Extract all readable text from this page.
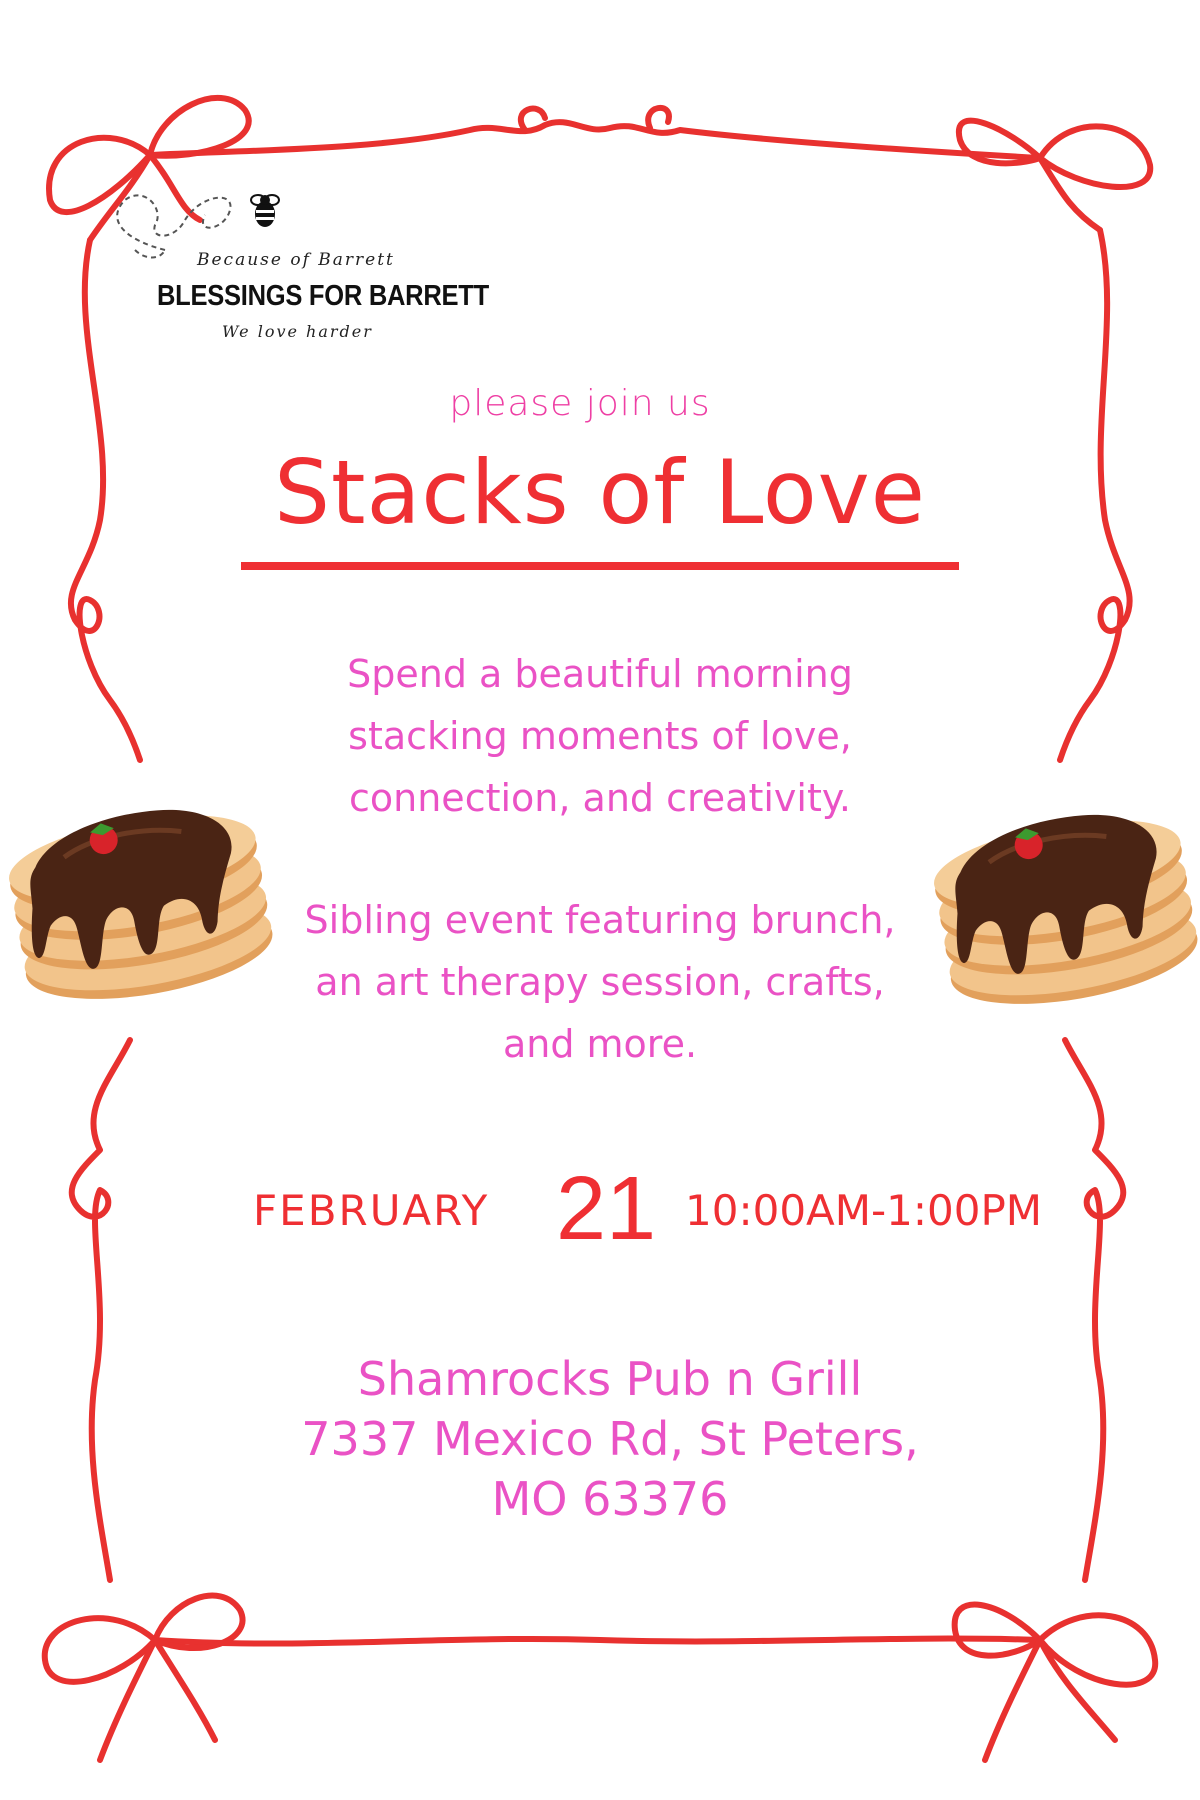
Because of Barrett
BLESSINGS FOR BARRETT
We love harder
please join us
Stacks of Love
Spend a beautiful morning
stacking moments of love,
connection, and creativity.
Sibling event featuring brunch,
an art therapy session, crafts,
and more.
FEBRUARY 21 10:00AM-1:00PM
Shamrocks Pub n Grill
7337 Mexico Rd, St Peters,
MO 63376
